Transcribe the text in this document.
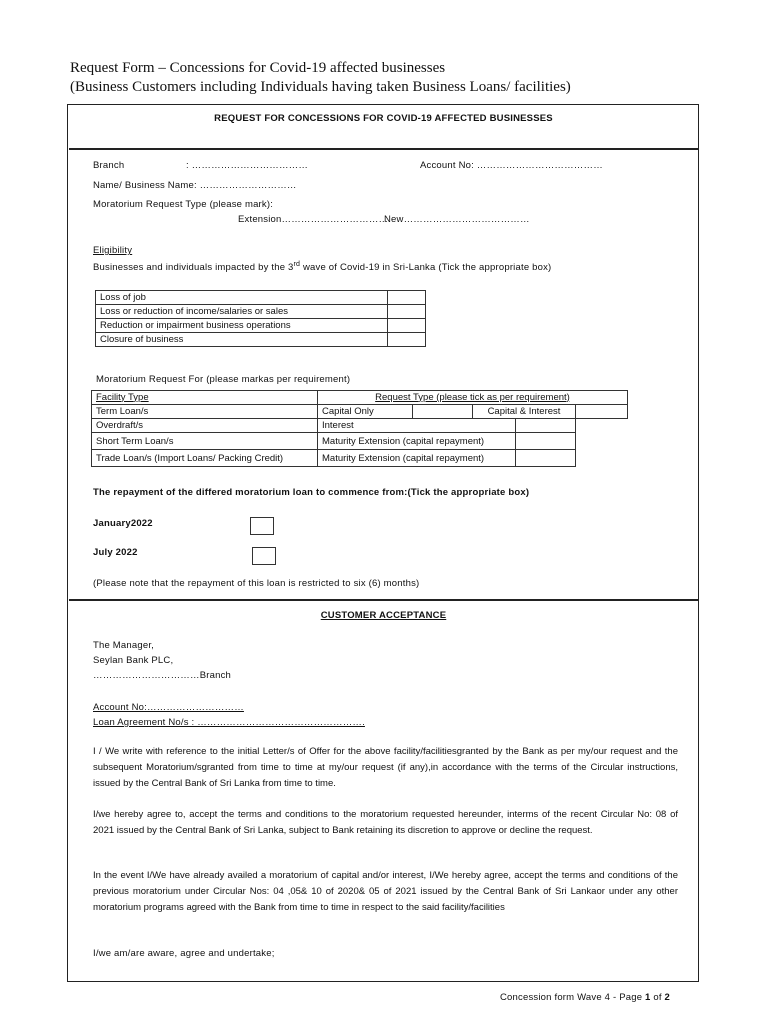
Request Form – Concessions for Covid-19 affected businesses
(Business Customers including Individuals having taken Business Loans/ facilities)
REQUEST FOR CONCESSIONS FOR COVID-19 AFFECTED BUSINESSES
Branch	: ………………………………	Account No: …………………………………
Name/ Business Name: …………………………
Moratorium Request Type (please mark):
Extension……………………………
New…………………………………
Eligibility
Businesses and individuals impacted by the 3rd wave of Covid-19 in Sri-Lanka (Tick the appropriate box)
Loss of job	
Loss or reduction of income/salaries or sales	
Reduction or impairment business operations	
Closure of business	
Moratorium Request For (please markas per requirement)
Facility Type	Request Type (please tick as per requirement)				
Term Loan/s	Capital Only		Capital & Interest		
Overdraft/s	Interest				
Short Term Loan/s	Maturity Extension (capital repayment)				
Trade Loan/s (Import Loans/ Packing Credit)	Maturity Extension (capital repayment)				
The repayment of the differed moratorium loan to commence from:(Tick the appropriate box)
January2022
July 2022
(Please note that the repayment of this loan is restricted to six (6) months)
CUSTOMER ACCEPTANCE
The Manager,
Seylan Bank PLC,
……………………………Branch
Account No:…………………………
Loan Agreement No/s : …………………………………………….
I / We write with reference to the initial Letter/s of Offer for the above facility/facilitiesgranted by the Bank as per my/our request and the subsequent Moratorium/sgranted from time to time at my/our request (if any),in accordance with the terms of the Circular instructions, issued by the Central Bank of Sri Lanka from time to time.
I/we hereby agree to, accept the terms and conditions to the moratorium requested hereunder, interms of the recent Circular No: 08 of 2021 issued by the Central Bank of Sri Lanka, subject to Bank retaining its discretion to approve or decline the request.
In the event I/We have already availed a moratorium of capital and/or interest, I/We hereby agree, accept the terms and conditions of the previous moratorium under Circular Nos: 04 ,05& 10 of 2020& 05 of 2021 issued by the Central Bank of Sri Lankaor under any other moratorium programs agreed with the Bank from time to time in respect to the said facility/facilities
I/we am/are aware, agree and undertake;
Concession form Wave 4 - Page 1 of 2
